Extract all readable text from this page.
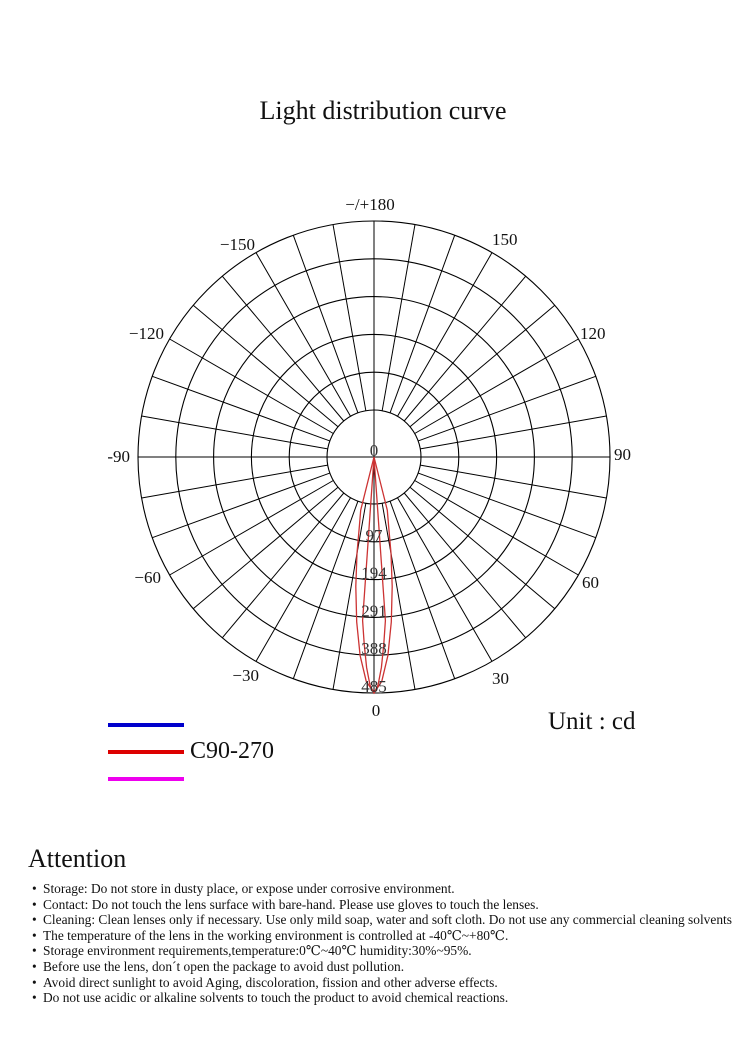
Light distribution curve
0
97
194
291
388
485
−/+180
0
-90	90
−120	120
−150	150
−60	60
−30	30
Unit : cd
C90-270
Attention
• Storage: Do not store in dusty place, or expose under corrosive environment.
• Contact: Do not touch the lens surface with bare-hand. Please use gloves to touch the lenses.
• Cleaning: Clean lenses only if necessary. Use only mild soap, water and soft cloth. Do not use any commercial cleaning solvents
• The temperature of the lens in the working environment is controlled at -40℃~+80℃.
• Storage environment requirements,temperature:0℃~40℃ humidity:30%~95%.
• Before use the lens, don´t open the package to avoid dust pollution.
• Avoid direct sunlight to avoid Aging, discoloration, fission and other adverse effects.
• Do not use acidic or alkaline solvents to touch the product to avoid chemical reactions.
